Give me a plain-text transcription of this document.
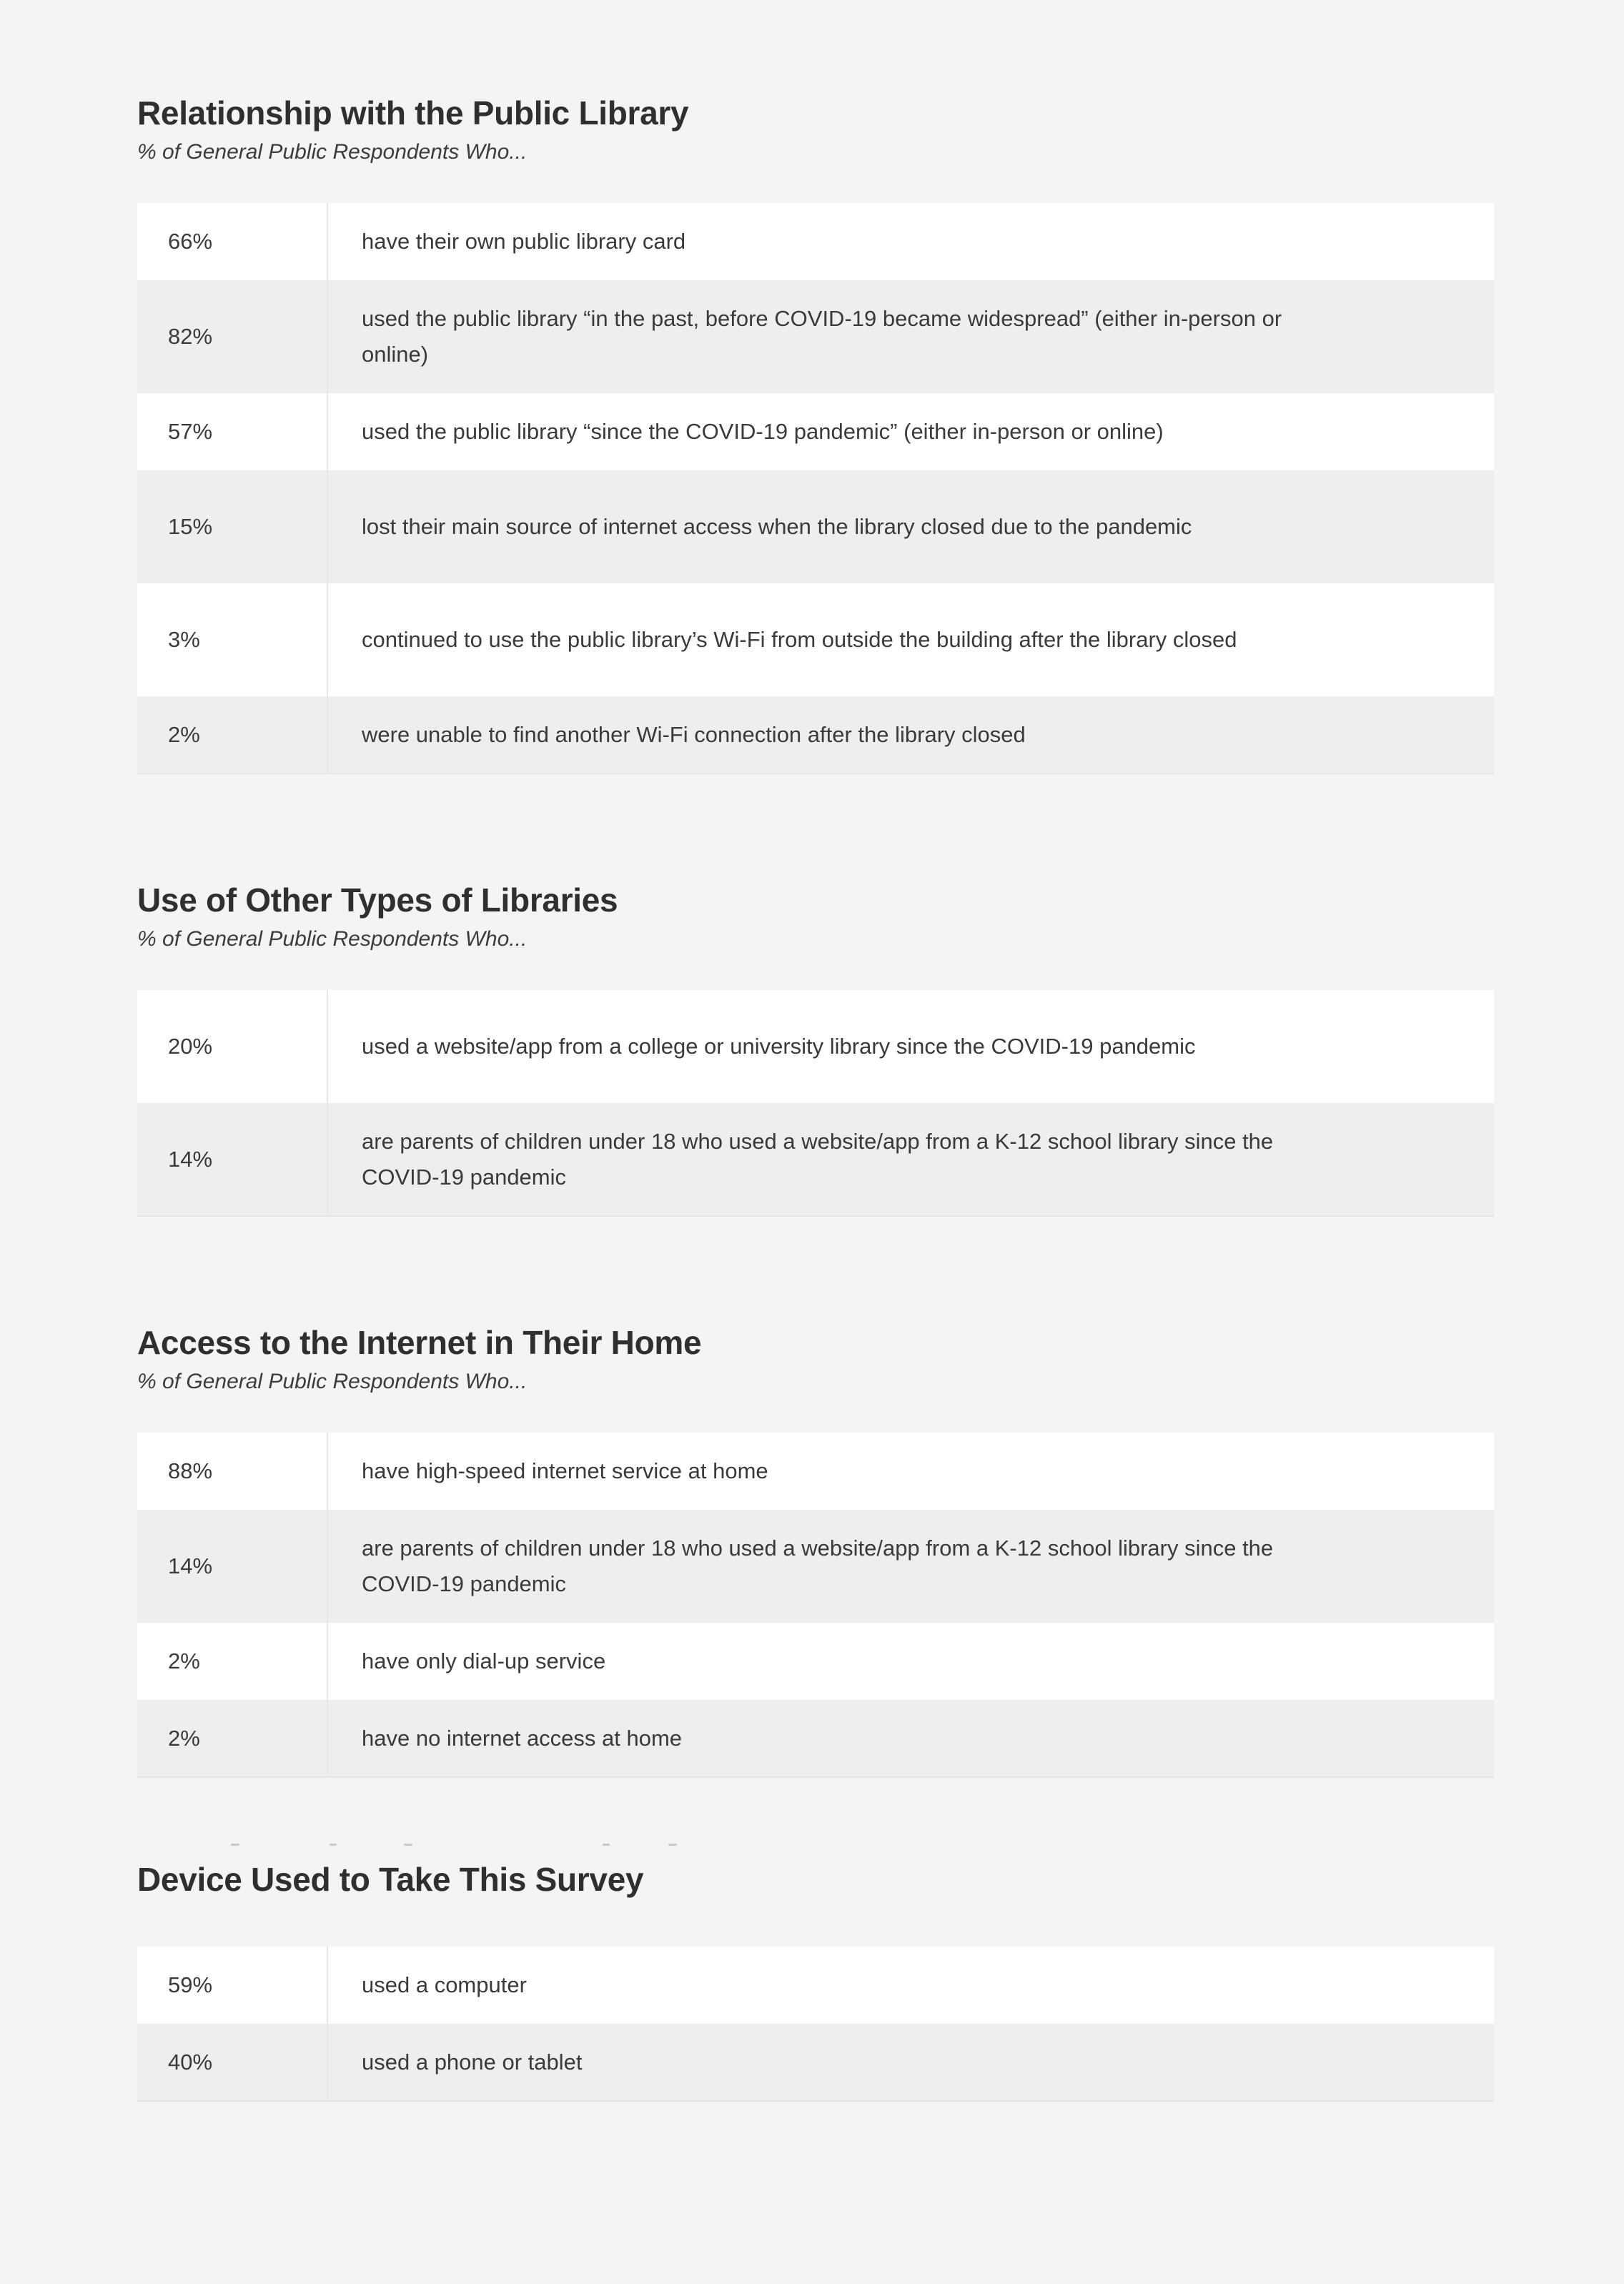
Relationship with the Public Library

% of General Public Respondents Who...

66%	have their own public library card

82%	used the public library “in the past, before COVID-19 became widespread” (either in-person or online)

57%	used the public library “since the COVID-19 pandemic” (either in-person or online)

15%	lost their main source of internet access when the library closed due to the pandemic

3%	continued to use the public library’s Wi-Fi from outside the building after the library closed

2%	were unable to find another Wi-Fi connection after the library closed
Use of Other Types of Libraries

% of General Public Respondents Who...

20%	used a website/app from a college or university library since the COVID-19 pandemic

14%	are parents of children under 18 who used a website/app from a K-12 school library since the COVID-19 pandemic
Access to the Internet in Their Home

% of General Public Respondents Who...

88%	have high-speed internet service at home

14%	are parents of children under 18 who used a website/app from a K-12 school library since the COVID-19 pandemic

2%	have only dial-up service

2%	have no internet access at home
Device Used to Take This Survey
59%	used a computer

40%	used a phone or tablet
